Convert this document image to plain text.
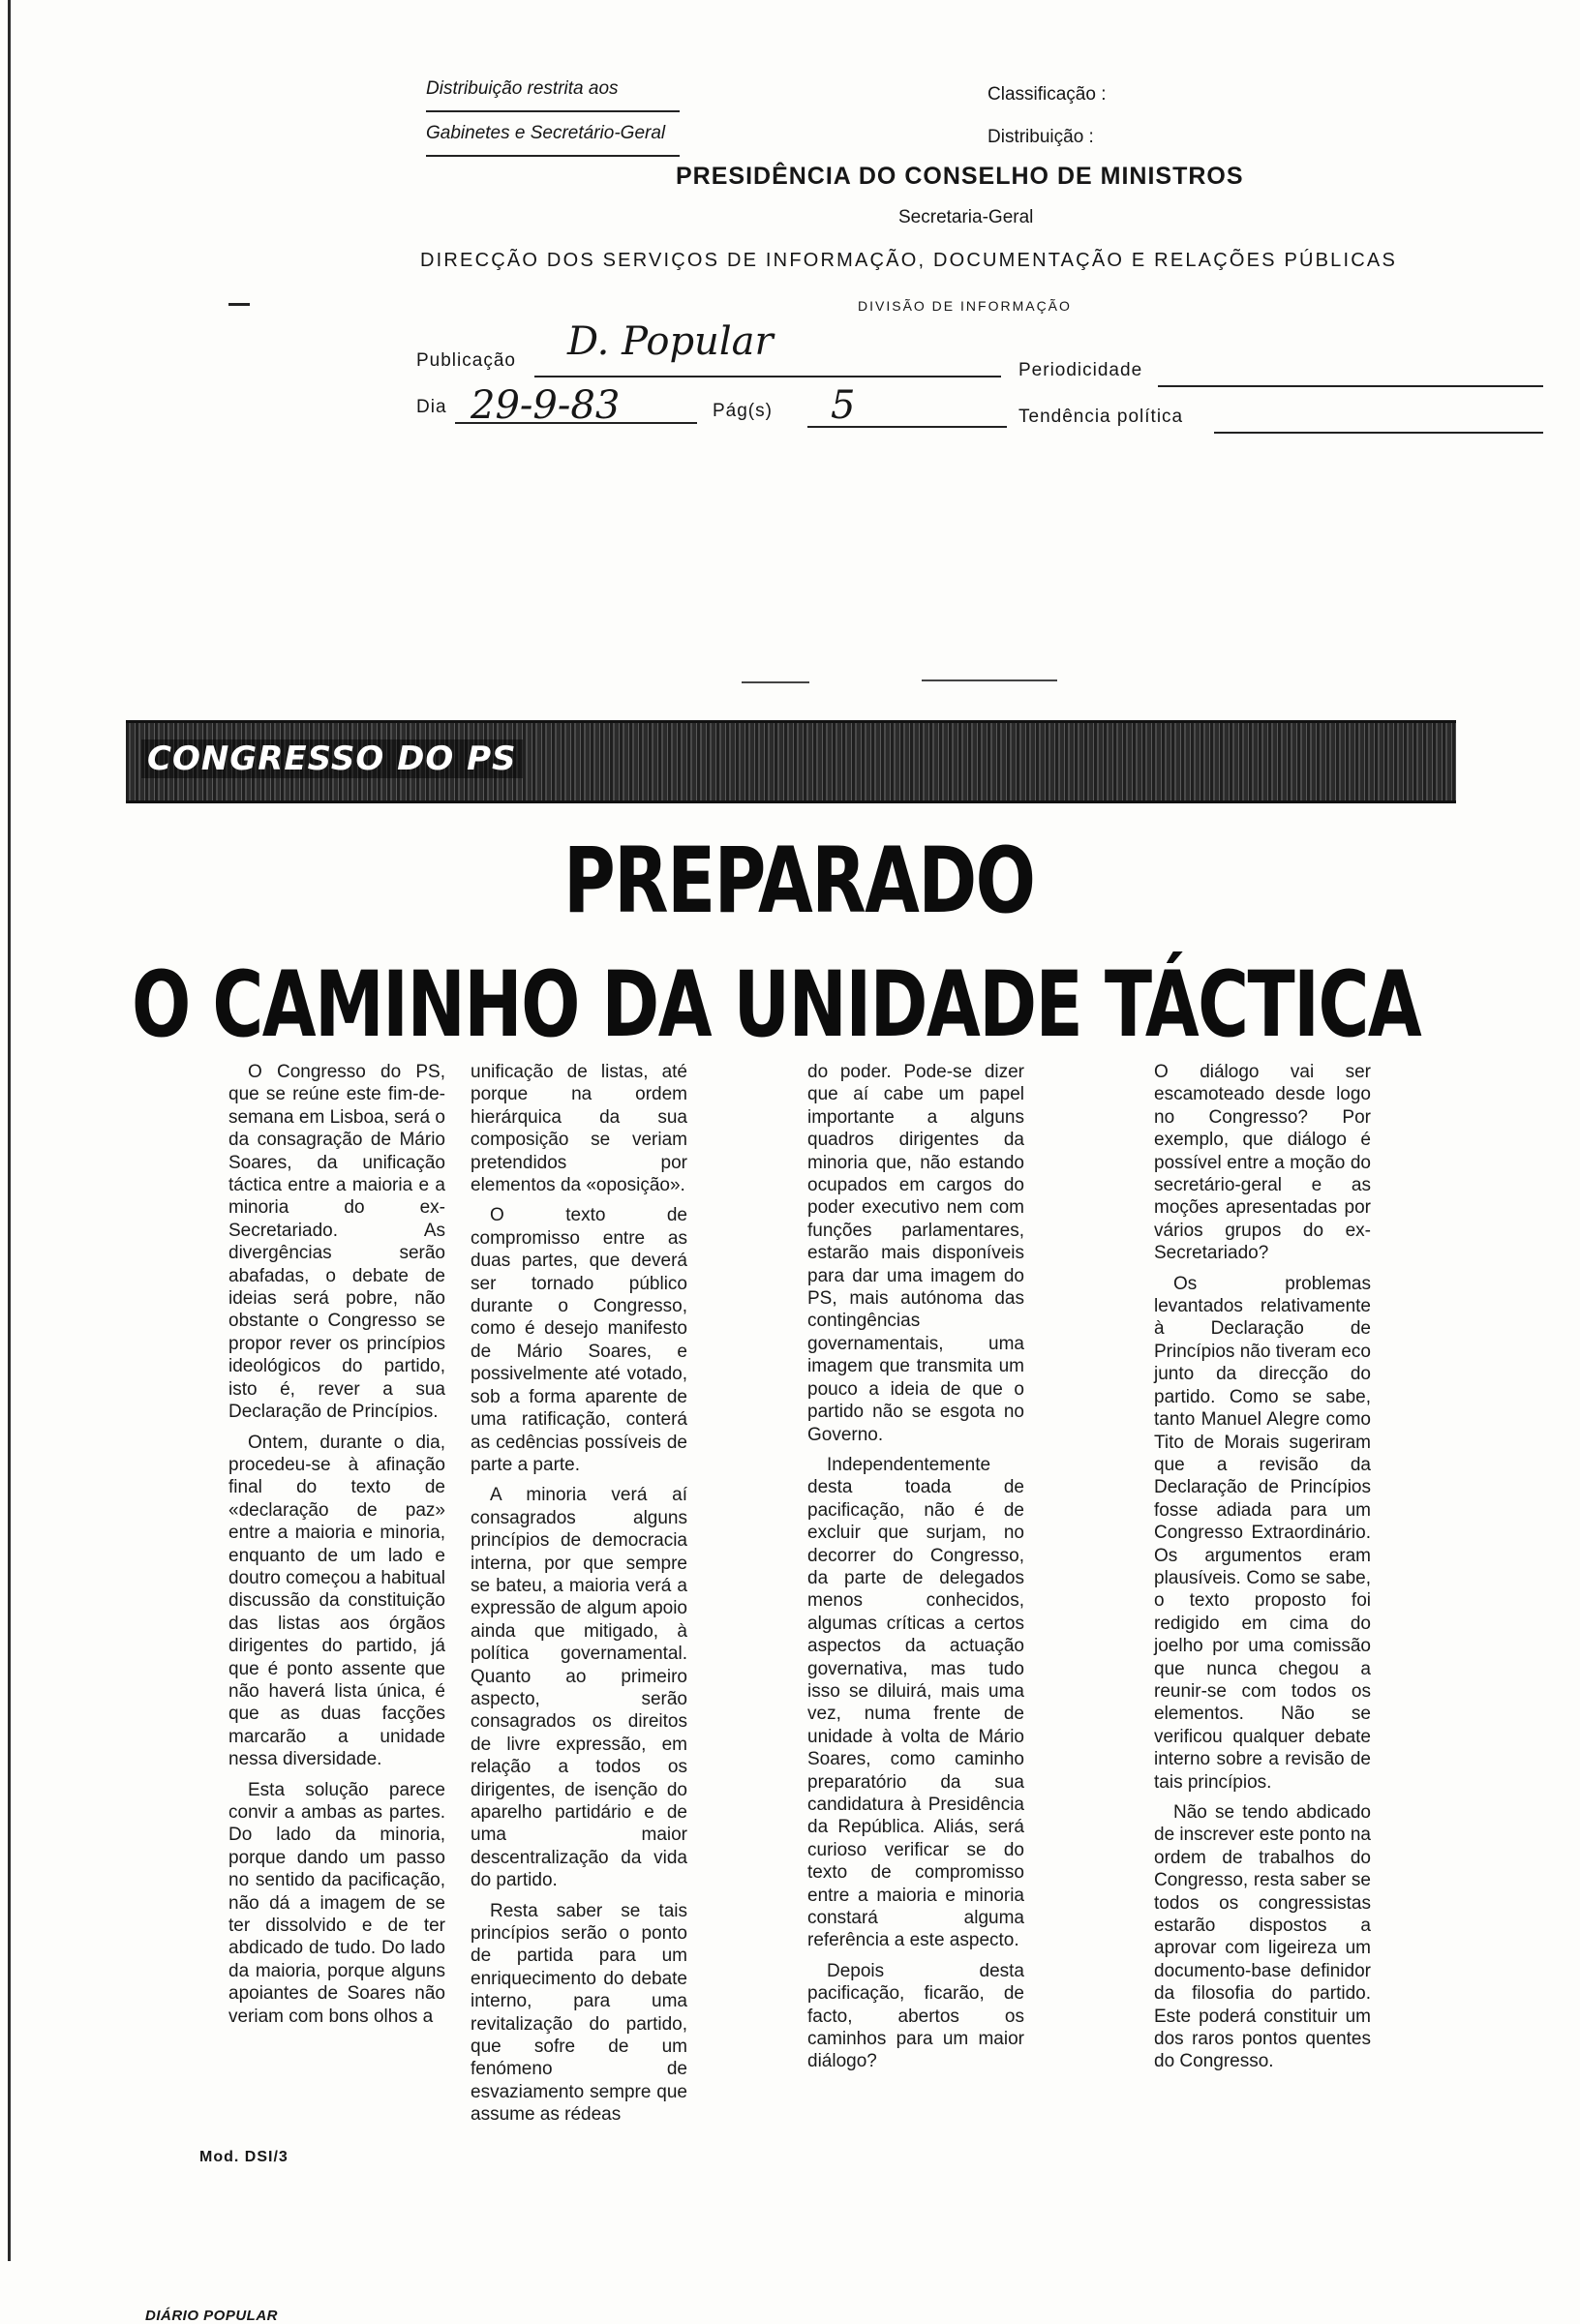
Distribuição restrita aos
Gabinetes e Secretário-Geral
Classificação :
Distribuição :
PRESIDÊNCIA DO CONSELHO DE MINISTROS
Secretaria-Geral
DIRECÇÃO DOS SERVIÇOS DE INFORMAÇÃO, DOCUMENTAÇÃO E RELAÇÕES PÚBLICAS
DIVISÃO DE INFORMAÇÃO
Publicação D. Popular
Periodicidade
Dia 29-9-83	Pág(s) 5	Tendência política
CONGRESSO DO PS
PREPARADO
O CAMINHO DA UNIDADE TÁCTICA

O Congresso do PS, que se reúne este fim-de-semana em Lisboa, será o da consagração de Mário Soares, da unificação táctica entre a maioria e a minoria do ex-Secretariado. As divergências serão abafadas, o debate de ideias será pobre, não obstante o Congresso se propor rever os princípios ideológicos do partido, isto é, rever a sua Declaração de Princípios.

Ontem, durante o dia, procedeu-se à afinação final do texto de «declaração de paz» entre a maioria e minoria, enquanto de um lado e doutro começou a habitual discussão da constituição das listas aos órgãos dirigentes do partido, já que é ponto assente que não haverá lista única, é que as duas facções marcarão a unidade nessa diversidade.

Esta solução parece convir a ambas as partes. Do lado da minoria, porque dando um passo no sentido da pacificação, não dá a imagem de se ter dissolvido e de ter abdicado de tudo. Do lado da maioria, porque alguns apoiantes de Soares não veriam com bons olhos a

unificação de listas, até porque na ordem hierárquica da sua composição se veriam pretendidos por elementos da «oposição».

O texto de compromisso entre as duas partes, que deverá ser tornado público durante o Congresso, como é desejo manifesto de Mário Soares, e possivelmente até votado, sob a forma aparente de uma ratificação, conterá as cedências possíveis de parte a parte.

A minoria verá aí consagrados alguns princípios de democracia interna, por que sempre se bateu, a maioria verá a expressão de algum apoio ainda que mitigado, à política governamental. Quanto ao primeiro aspecto, serão consagrados os direitos de livre expressão, em relação a todos os dirigentes, de isenção do aparelho partidário e de uma maior descentralização da vida do partido.

Resta saber se tais princípios serão o ponto de partida para um enriquecimento do debate interno, para uma revitalização do partido, que sofre de um fenómeno de esvaziamento sempre que assume as rédeas

do poder. Pode-se dizer que aí cabe um papel importante a alguns quadros dirigentes da minoria que, não estando ocupados em cargos do poder executivo nem com funções parlamentares, estarão mais disponíveis para dar uma imagem do PS, mais autónoma das contingências governamentais, uma imagem que transmita um pouco a ideia de que o partido não se esgota no Governo.

Independentemente desta toada de pacificação, não é de excluir que surjam, no decorrer do Congresso, da parte de delegados menos conhecidos, algumas críticas a certos aspectos da actuação governativa, mas tudo isso se diluirá, mais uma vez, numa frente de unidade à volta de Mário Soares, como caminho preparatório da sua candidatura à Presidência da República. Aliás, será curioso verificar se do texto de compromisso entre a maioria e minoria constará alguma referência a este aspecto.

Depois desta pacificação, ficarão, de facto, abertos os caminhos para um maior diálogo?

O diálogo vai ser escamoteado desde logo no Congresso? Por exemplo, que diálogo é possível entre a moção do secretário-geral e as moções apresentadas por vários grupos do ex-Secretariado?

Os problemas levantados relativamente à Declaração de Princípios não tiveram eco junto da direcção do partido. Como se sabe, tanto Manuel Alegre como Tito de Morais sugeriram que a revisão da Declaração de Princípios fosse adiada para um Congresso Extraordinário. Os argumentos eram plausíveis. Como se sabe, o texto proposto foi redigido em cima do joelho por uma comissão que nunca chegou a reunir-se com todos os elementos. Não se verificou qualquer debate interno sobre a revisão de tais princípios.

Não se tendo abdicado de inscrever este ponto na ordem de trabalhos do Congresso, resta saber se todos os congressistas estarão dispostos a aprovar com ligeireza um documento-base definidor da filosofia do partido. Este poderá constituir um dos raros pontos quentes do Congresso.

DIÁRIO POPULAR
Mod. DSI/3
